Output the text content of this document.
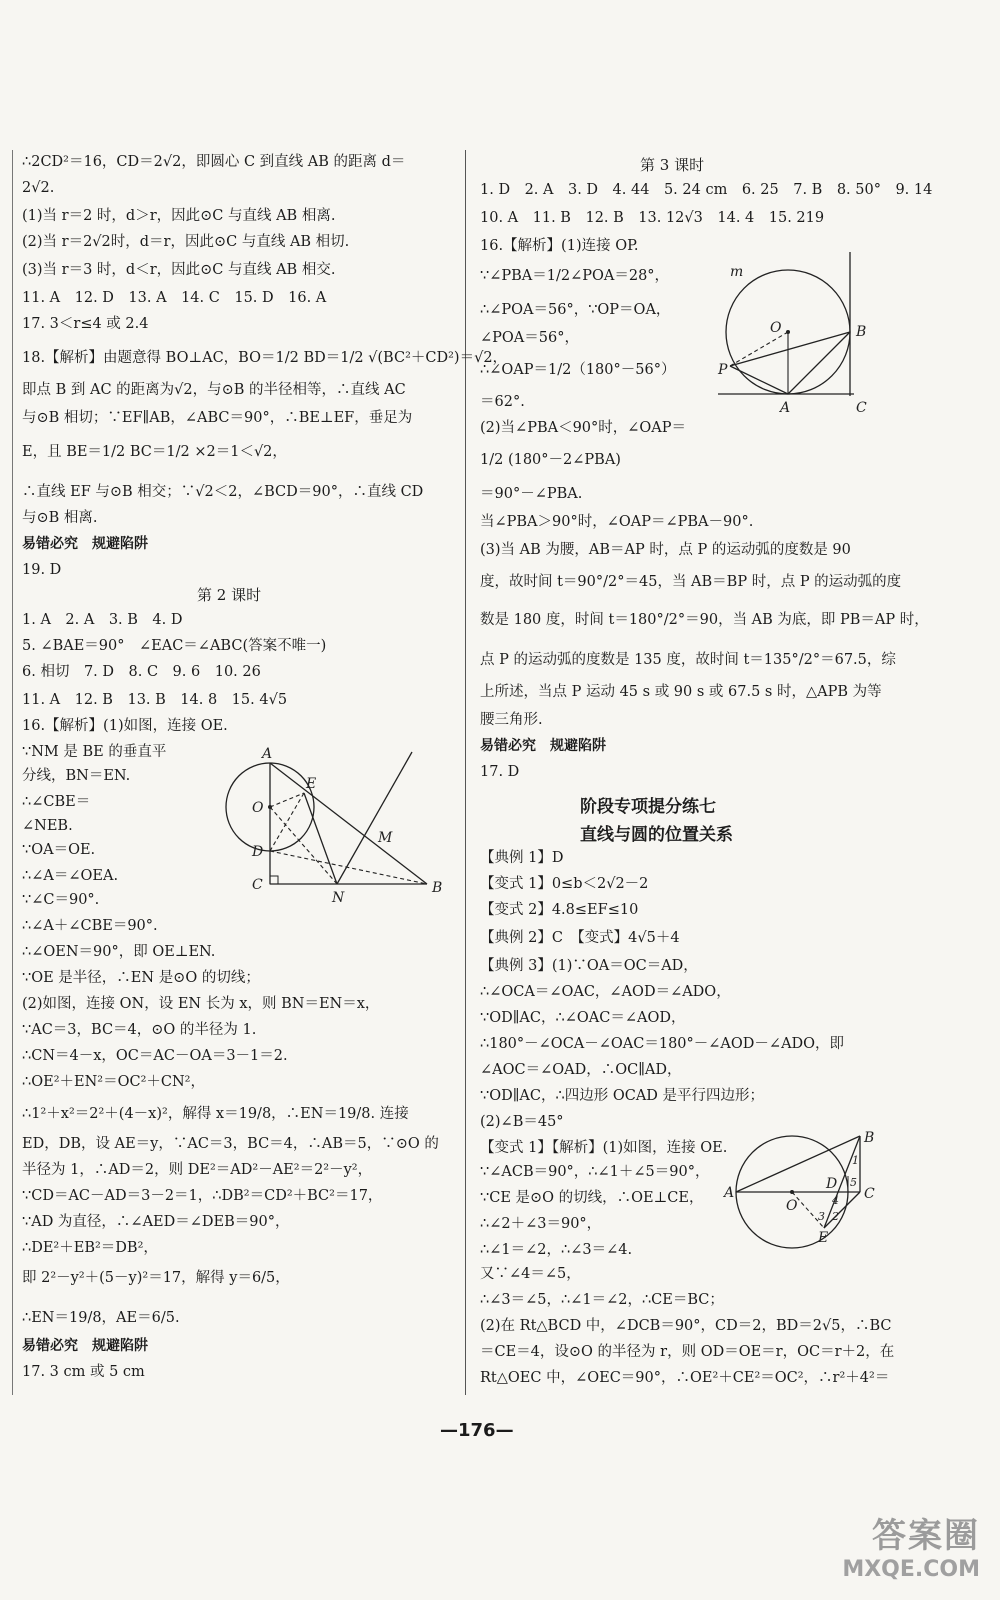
∴2CD²＝16，CD＝2√2，即圆心 C 到直线 AB 的距离 d＝
2√2.
(1)当 r＝2 时，d＞r，因此⊙C 与直线 AB 相离.
(2)当 r＝2√2时，d＝r，因此⊙C 与直线 AB 相切.
(3)当 r＝3 时，d＜r，因此⊙C 与直线 AB 相交.
11. A　12. D　13. A　14. C　15. D　16. A
17. 3＜r≤4 或 2.4
18.【解析】由题意得 BO⊥AC，BO＝1/2 BD＝1/2 √(BC²＋CD²)＝√2，
即点 B 到 AC 的距离为√2，与⊙B 的半径相等，∴直线 AC
与⊙B 相切；∵EF∥AB，∠ABC＝90°，∴BE⊥EF，垂足为
E，且 BE＝1/2 BC＝1/2 ×2＝1＜√2，
∴直线 EF 与⊙B 相交；∵√2＜2，∠BCD＝90°，∴直线 CD
与⊙B 相离.
易错必究　规避陷阱
19. D
第 2 课时
1. A　2. A　3. B　4. D
5. ∠BAE＝90°　∠EAC＝∠ABC(答案不唯一)
6. 相切　7. D　8. C　9. 6　10. 26
11. A　12. B　13. B　14. 8　15. 4√5
16.【解析】(1)如图，连接 OE.
∵NM 是 BE 的垂直平
分线，BN＝EN.
∴∠CBE＝
∠NEB.
∵OA＝OE.
∴∠A＝∠OEA.
∵∠C＝90°.
∴∠A＋∠CBE＝90°.
∴∠OEN＝90°，即 OE⊥EN.
∵OE 是半径，∴EN 是⊙O 的切线；
(2)如图，连接 ON，设 EN 长为 x，则 BN＝EN＝x，
∵AC＝3，BC＝4，⊙O 的半径为 1.
∴CN＝4－x，OC＝AC－OA＝3－1＝2.
∴OE²＋EN²＝OC²＋CN²，
∴1²＋x²＝2²＋(4－x)²，解得 x＝19/8，∴EN＝19/8. 连接
ED，DB，设 AE＝y，∵AC＝3，BC＝4，∴AB＝5，∵⊙O 的
半径为 1，∴AD＝2，则 DE²＝AD²－AE²＝2²－y²，
∵CD＝AC－AD＝3－2＝1，∴DB²＝CD²＋BC²＝17，
∵AD 为直径，∴∠AED＝∠DEB＝90°，
∴DE²＋EB²＝DB²，
即 2²－y²＋(5－y)²＝17，解得 y＝6/5，
∴EN＝19/8，AE＝6/5.
易错必究　规避陷阱
17. 3 cm 或 5 cm
A
E
O
D
C
N
B
M
第 3 课时
1. D　2. A　3. D　4. 44　5. 24 cm　6. 25　7. B　8. 50°　9. 14
10. A　11. B　12. B　13. 12√3　14. 4　15. 219
16.【解析】(1)连接 OP.
∵∠PBA＝1/2∠POA＝28°，
∴∠POA＝56°，∵OP＝OA，
∠POA＝56°，
∴∠OAP＝1/2（180°－56°）
＝62°.
(2)当∠PBA＜90°时，∠OAP＝
1/2 (180°－2∠PBA)
＝90°－∠PBA.
当∠PBA＞90°时，∠OAP＝∠PBA－90°.
(3)当 AB 为腰，AB＝AP 时，点 P 的运动弧的度数是 90
度，故时间 t＝90°/2°＝45，当 AB＝BP 时，点 P 的运动弧的度
数是 180 度，时间 t＝180°/2°＝90，当 AB 为底，即 PB＝AP 时，
点 P 的运动弧的度数是 135 度，故时间 t＝135°/2°＝67.5，综
上所述，当点 P 运动 45 s 或 90 s 或 67.5 s 时，△APB 为等
腰三角形.
易错必究　规避陷阱
17. D
阶段专项提分练七
直线与圆的位置关系
【典例 1】D
【变式 1】0≤b＜2√2－2
【变式 2】4.8≤EF≤10
【典例 2】C　【变式】4√5＋4
【典例 3】(1)∵OA＝OC＝AD，
∴∠OCA＝∠OAC，∠AOD＝∠ADO，
∵OD∥AC，∴∠OAC＝∠AOD，
∴180°－∠OCA－∠OAC＝180°－∠AOD－∠ADO，即
∠AOC＝∠OAD，∴OC∥AD，
∵OD∥AC，∴四边形 OCAD 是平行四边形；
(2)∠B＝45°
【变式 1】【解析】(1)如图，连接 OE.
∵∠ACB＝90°，∴∠1＋∠5＝90°，
∵CE 是⊙O 的切线，∴OE⊥CE，
∴∠2＋∠3＝90°，
∴∠1＝∠2，∴∠3＝∠4.
又∵∠4＝∠5，
∴∠3＝∠5，∴∠1＝∠2，∴CE＝BC；
(2)在 Rt△BCD 中，∠DCB＝90°，CD＝2，BD＝2√5，∴BC
＝CE＝4，设⊙O 的半径为 r，则 OD＝OE＝r，OC＝r＋2，在
Rt△OEC 中，∠OEC＝90°，∴OE²＋CE²＝OC²，∴r²＋4²＝
m
O	B
P
A	C
B
A
O
D
C
E
1
4
5
3 2
—176—
答案圈
MXQE.COM
